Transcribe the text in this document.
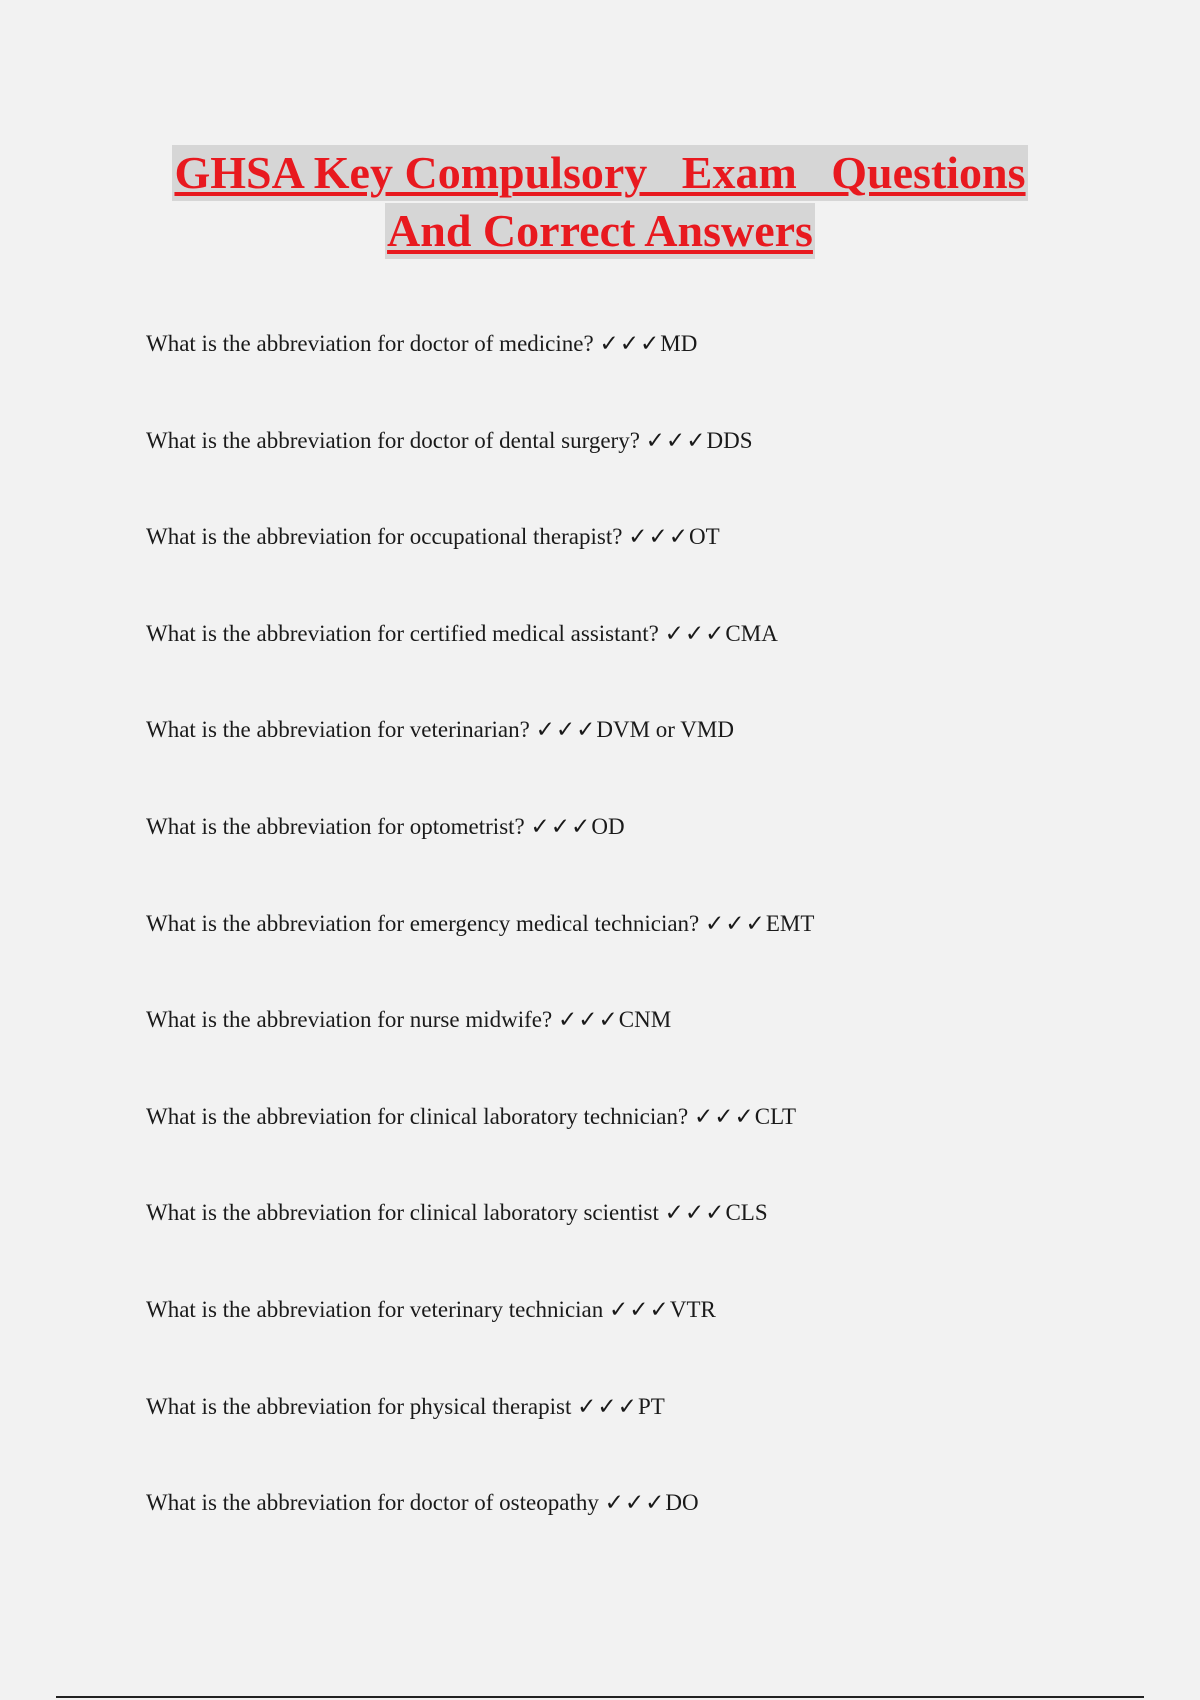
GHSA Key Compulsory   Exam   Questions
And Correct Answers
What is the abbreviation for doctor of medicine? ✓✓✓MD
What is the abbreviation for doctor of dental surgery? ✓✓✓DDS
What is the abbreviation for occupational therapist? ✓✓✓OT
What is the abbreviation for certified medical assistant? ✓✓✓CMA
What is the abbreviation for veterinarian? ✓✓✓DVM or VMD
What is the abbreviation for optometrist? ✓✓✓OD
What is the abbreviation for emergency medical technician? ✓✓✓EMT
What is the abbreviation for nurse midwife? ✓✓✓CNM
What is the abbreviation for clinical laboratory technician? ✓✓✓CLT
What is the abbreviation for clinical laboratory scientist ✓✓✓CLS
What is the abbreviation for veterinary technician ✓✓✓VTR
What is the abbreviation for physical therapist ✓✓✓PT
What is the abbreviation for doctor of osteopathy ✓✓✓DO
